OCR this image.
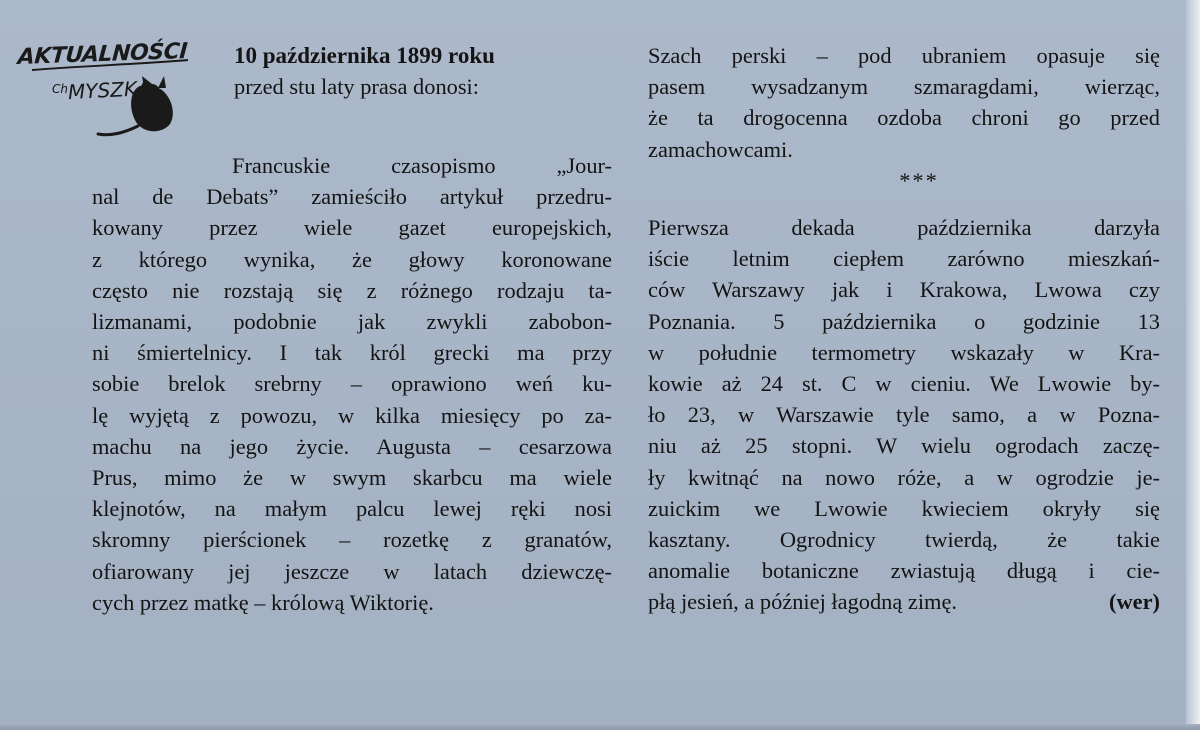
AKTUALNOŚCI
Ch MYSZKA

10 października 1899 roku

przed stu laty prasa donosi:

Francuskie czasopismo „Jour-
nal de Debats” zamieściło artykuł przedru-
kowany przez wiele gazet europejskich,
z którego wynika, że głowy koronowane
często nie rozstają się z różnego rodzaju ta-
lizmanami, podobnie jak zwykli zabobon-
ni śmiertelnicy. I tak król grecki ma przy
sobie brelok srebrny – oprawiono weń ku-
lę wyjętą z powozu, w kilka miesięcy po za-
machu na jego życie. Augusta – cesarzowa
Prus, mimo że w swym skarbcu ma wiele
klejnotów, na małym palcu lewej ręki nosi
skromny pierścionek – rozetkę z granatów,
ofiarowany jej jeszcze w latach dziewczę-
cych przez matkę – królową Wiktorię.
Szach perski – pod ubraniem opasuje się
pasem wysadzanym szmaragdami, wierząc,
że ta drogocenna ozdoba chroni go przed
zamachowcami.
***
Pierwsza dekada października darzyła
iście letnim ciepłem zarówno mieszkań-
ców Warszawy jak i Krakowa, Lwowa czy
Poznania. 5 października o godzinie 13
w południe termometry wskazały w Kra-
kowie aż 24 st. C w cieniu. We Lwowie by-
ło 23, w Warszawie tyle samo, a w Pozna-
niu aż 25 stopni. W wielu ogrodach zaczę-
ły kwitnąć na nowo róże, a w ogrodzie je-
zuickim we Lwowie kwieciem okryły się
kasztany. Ogrodnicy twierdą, że takie
anomalie botaniczne zwiastują długą i cie-
płą jesień, a później łagodną zimę.	(wer)
